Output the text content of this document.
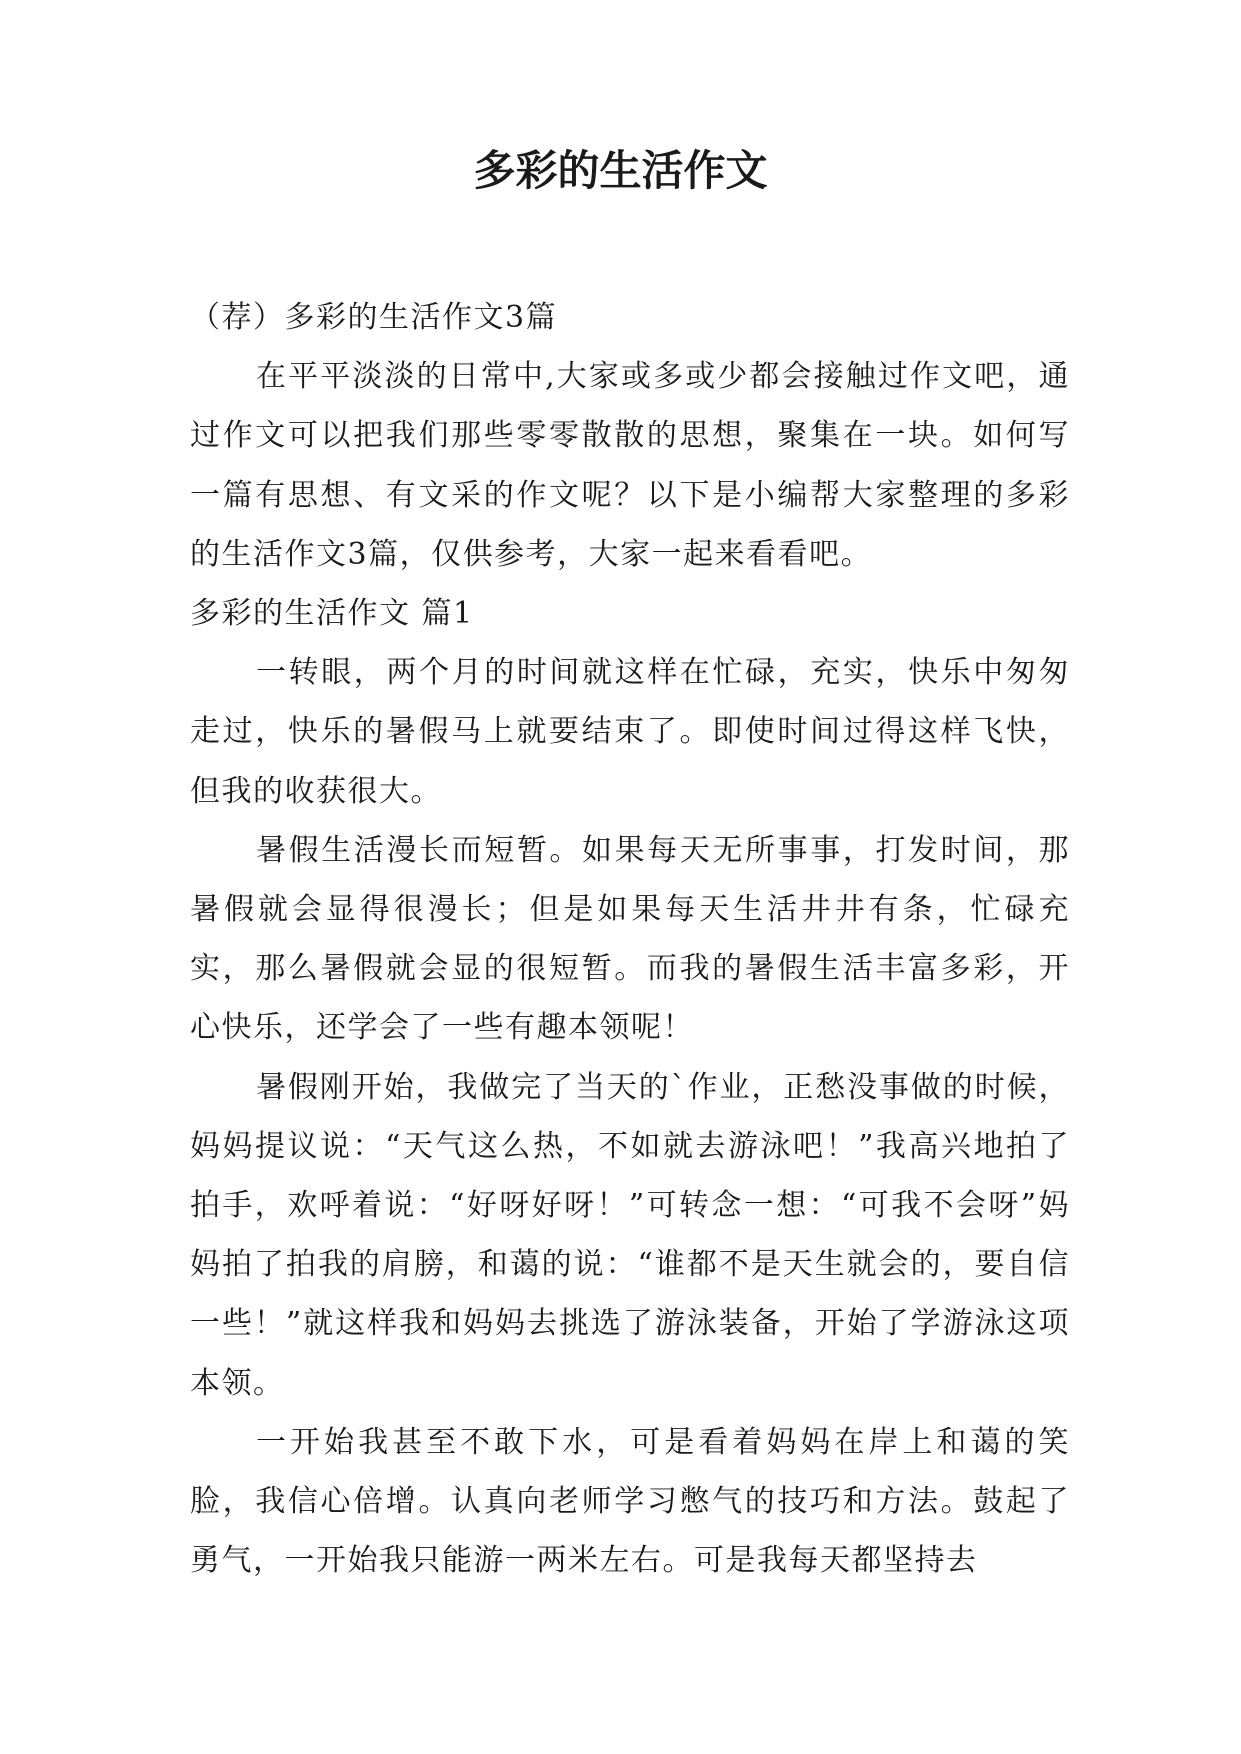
多彩的生活作文

（荐）多彩的生活作文3篇

在平平淡淡的日常中,大家或多或少都会接触过作文吧，通过作文可以把我们那些零零散散的思想，聚集在一块。如何写一篇有思想、有文采的作文呢？以下是小编帮大家整理的多彩的生活作文3篇，仅供参考，大家一起来看看吧。

多彩的生活作文 篇1

一转眼，两个月的时间就这样在忙碌，充实，快乐中匆匆走过，快乐的暑假马上就要结束了。即使时间过得这样飞快，但我的收获很大。

暑假生活漫长而短暂。如果每天无所事事，打发时间，那暑假就会显得很漫长；但是如果每天生活井井有条，忙碌充实，那么暑假就会显的很短暂。而我的暑假生活丰富多彩，开心快乐，还学会了一些有趣本领呢！

暑假刚开始，我做完了当天的`作业，正愁没事做的时候，妈妈提议说：“天气这么热，不如就去游泳吧！”我高兴地拍了拍手，欢呼着说：“好呀好呀！”可转念一想：“可我不会呀”妈妈拍了拍我的肩膀，和蔼的说：“谁都不是天生就会的，要自信一些！”就这样我和妈妈去挑选了游泳装备，开始了学游泳这项本领。

一开始我甚至不敢下水，可是看着妈妈在岸上和蔼的笑脸，我信心倍增。认真向老师学习憋气的技巧和方法。鼓起了勇气，一开始我只能游一两米左右。可是我每天都坚持去
